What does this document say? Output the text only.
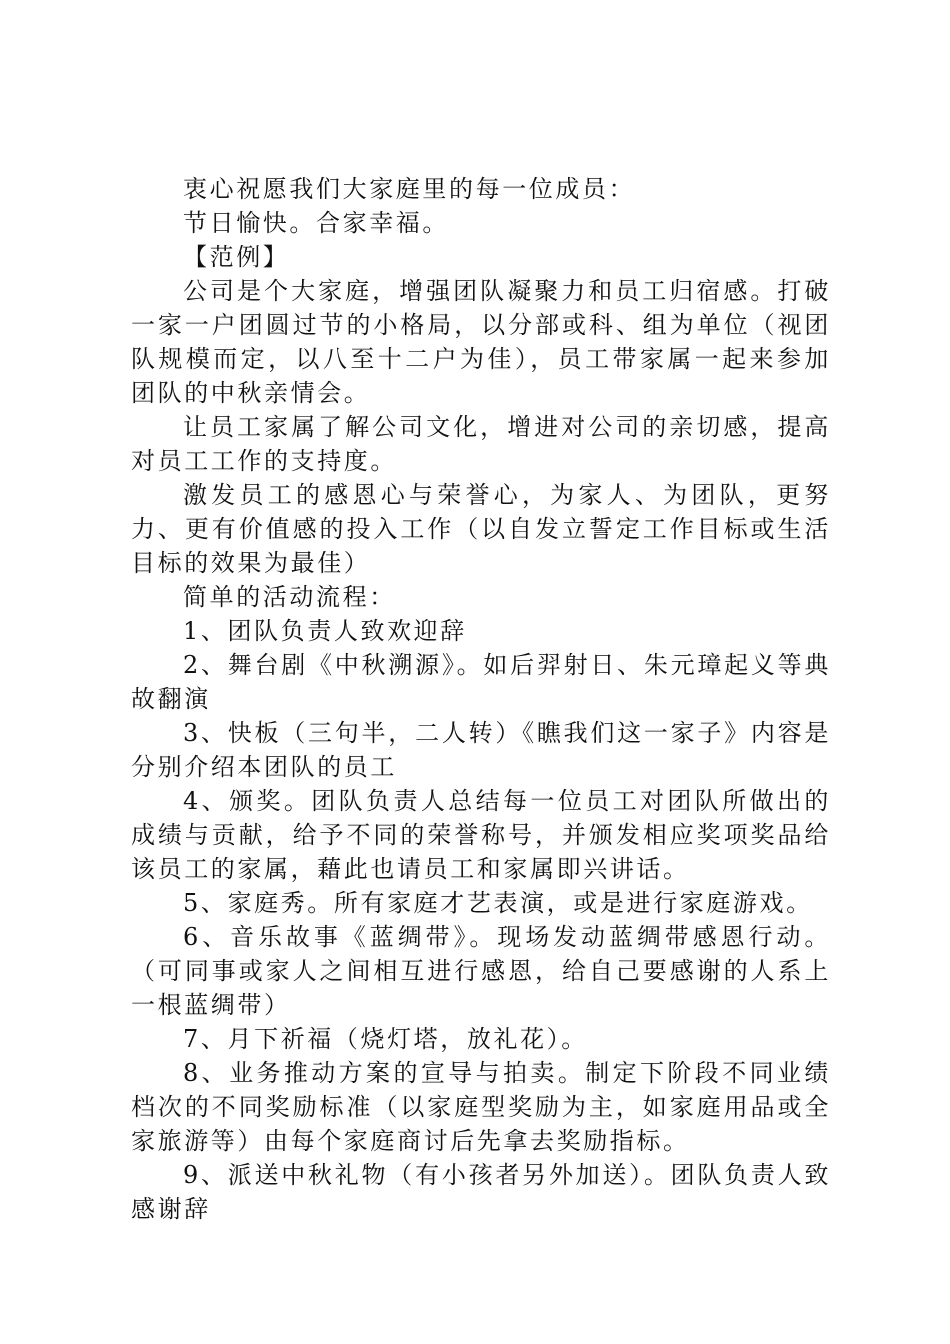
衷心祝愿我们大家庭里的每一位成员：

节日愉快。合家幸福。

【范例】

公司是个大家庭，增强团队凝聚力和员工归宿感。打破一家一户团圆过节的小格局，以分部或科、组为单位（视团队规模而定，以八至十二户为佳），员工带家属一起来参加团队的中秋亲情会。

让员工家属了解公司文化，增进对公司的亲切感，提高对员工工作的支持度。

激发员工的感恩心与荣誉心，为家人、为团队，更努力、更有价值感的投入工作（以自发立誓定工作目标或生活目标的效果为最佳）

简单的活动流程：

1、团队负责人致欢迎辞

2、舞台剧《中秋溯源》。如后羿射日、朱元璋起义等典故翻演

3、快板（三句半，二人转）《瞧我们这一家子》内容是分别介绍本团队的员工

4、颁奖。团队负责人总结每一位员工对团队所做出的成绩与贡献，给予不同的荣誉称号，并颁发相应奖项奖品给该员工的家属，藉此也请员工和家属即兴讲话。

5、家庭秀。所有家庭才艺表演，或是进行家庭游戏。

6、音乐故事《蓝绸带》。现场发动蓝绸带感恩行动。（可同事或家人之间相互进行感恩，给自己要感谢的人系上一根蓝绸带）

7、月下祈福（烧灯塔，放礼花）。

8、业务推动方案的宣导与拍卖。制定下阶段不同业绩档次的不同奖励标准（以家庭型奖励为主，如家庭用品或全家旅游等）由每个家庭商讨后先拿去奖励指标。

9、派送中秋礼物（有小孩者另外加送）。团队负责人致感谢辞
